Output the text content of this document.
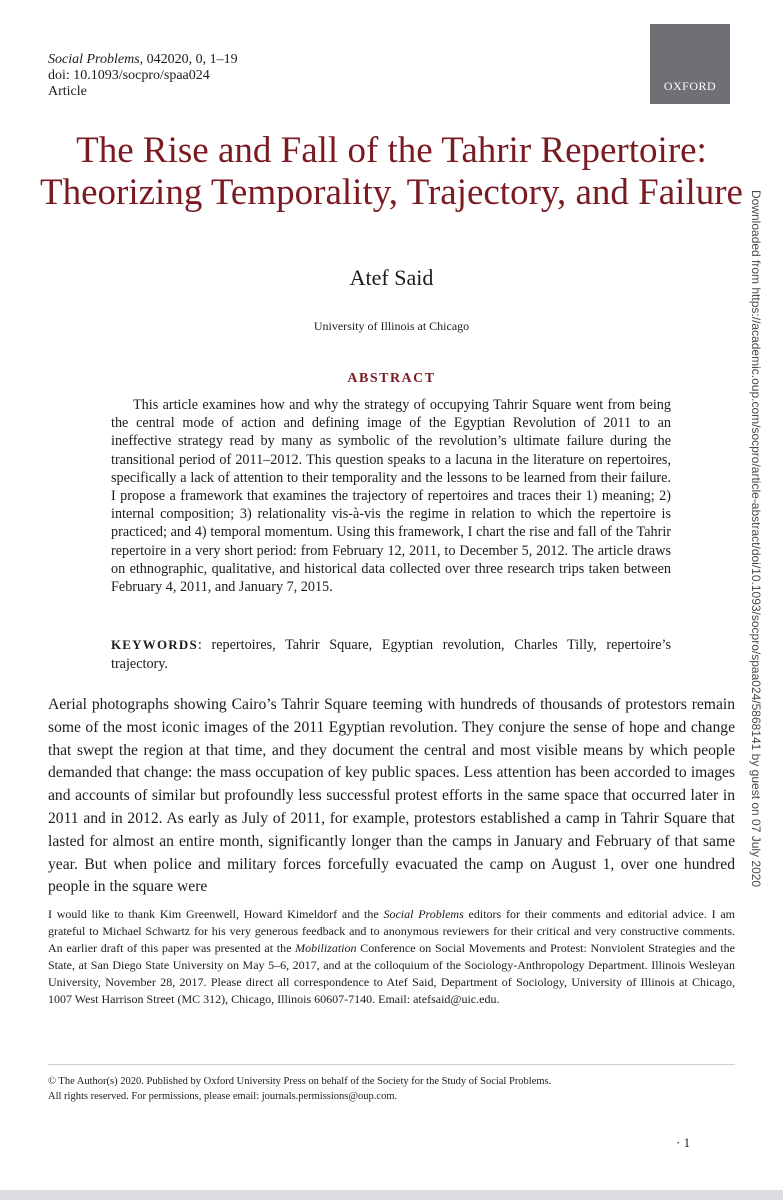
Social Problems, 042020, 0, 1–19
doi: 10.1093/socpro/spaa024
Article	OXFORD
The Rise and Fall of the Tahrir Repertoire: Theorizing Temporality, Trajectory, and Failure
Atef Said
University of Illinois at Chicago
ABSTRACT

This article examines how and why the strategy of occupying Tahrir Square went from being the central mode of action and defining image of the Egyptian Revolution of 2011 to an ineffective strategy read by many as symbolic of the revolution’s ultimate failure during the transitional period of 2011–2012. This question speaks to a lacuna in the literature on repertoires, specifically a lack of attention to their temporality and the lessons to be learned from their failure. I propose a framework that examines the trajectory of repertoires and traces their 1) meaning; 2) internal composition; 3) relationality vis-à-vis the regime in relation to which the repertoire is practiced; and 4) temporal momentum. Using this framework, I chart the rise and fall of the Tahrir repertoire in a very short period: from February 12, 2011, to December 5, 2012. The article draws on ethnographic, qualitative, and historical data collected over three research trips taken between February 4, 2011, and January 7, 2015.

KEYWORDS: repertoires, Tahrir Square, Egyptian revolution, Charles Tilly, repertoire’s trajectory.

Aerial photographs showing Cairo’s Tahrir Square teeming with hundreds of thousands of protestors remain some of the most iconic images of the 2011 Egyptian revolution. They conjure the sense of hope and change that swept the region at that time, and they document the central and most visible means by which people demanded that change: the mass occupation of key public spaces. Less attention has been accorded to images and accounts of similar but profoundly less successful protest efforts in the same space that occurred later in 2011 and in 2012. As early as July of 2011, for example, protestors established a camp in Tahrir Square that lasted for almost an entire month, significantly longer than the camps in January and February of that same year. But when police and military forces forcefully evacuated the camp on August 1, over one hundred people in the square were	Downloaded from https://academic.oup.com/socpro/article-abstract/doi/10.1093/socpro/spaa024/5868141 by guest on 07 July 2020

I would like to thank Kim Greenwell, Howard Kimeldorf and the Social Problems editors for their comments and editorial advice. I am grateful to Michael Schwartz for his very generous feedback and to anonymous reviewers for their critical and very constructive comments. An earlier draft of this paper was presented at the Mobilization Conference on Social Movements and Protest: Nonviolent Strategies and the State, at San Diego State University on May 5–6, 2017, and at the colloquium of the Sociology-Anthropology Department. Illinois Wesleyan University, November 28, 2017. Please direct all correspondence to Atef Said, Department of Sociology, University of Illinois at Chicago, 1007 West Harrison Street (MC 312), Chicago, Illinois 60607-7140. Email: atefsaid@uic.edu.

© The Author(s) 2020. Published by Oxford University Press on behalf of the Society for the Study of Social Problems.
All rights reserved. For permissions, please email: journals.permissions@oup.com.
· 1
